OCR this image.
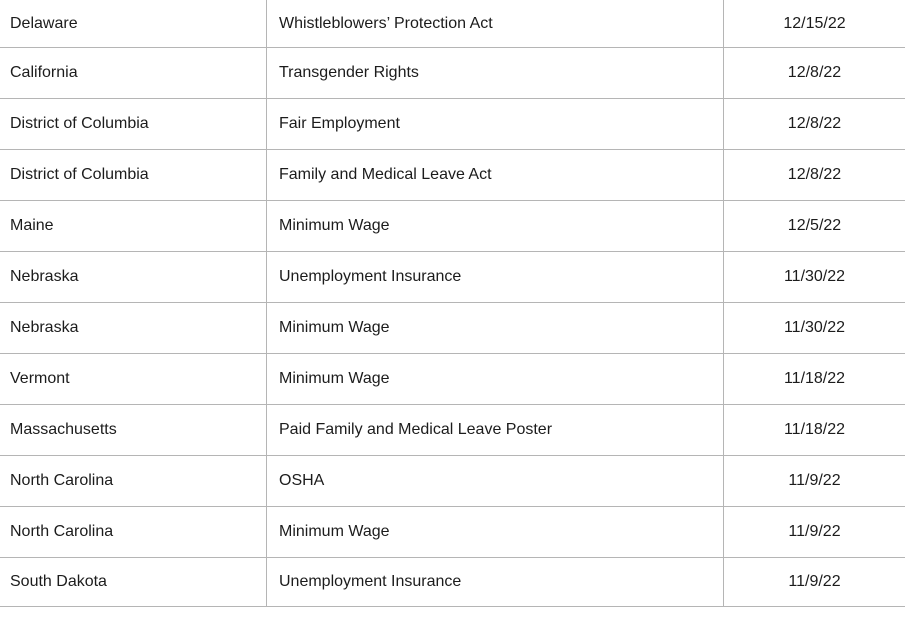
Delaware	Whistleblowers’ Protection Act	12/15/22
California	Transgender Rights	12/8/22
District of Columbia	Fair Employment	12/8/22
District of Columbia	Family and Medical Leave Act	12/8/22
Maine	Minimum Wage	12/5/22
Nebraska	Unemployment Insurance	11/30/22
Nebraska	Minimum Wage	11/30/22
Vermont	Minimum Wage	11/18/22
Massachusetts	Paid Family and Medical Leave Poster	11/18/22
North Carolina	OSHA	11/9/22
North Carolina	Minimum Wage	11/9/22
South Dakota	Unemployment Insurance	11/9/22
